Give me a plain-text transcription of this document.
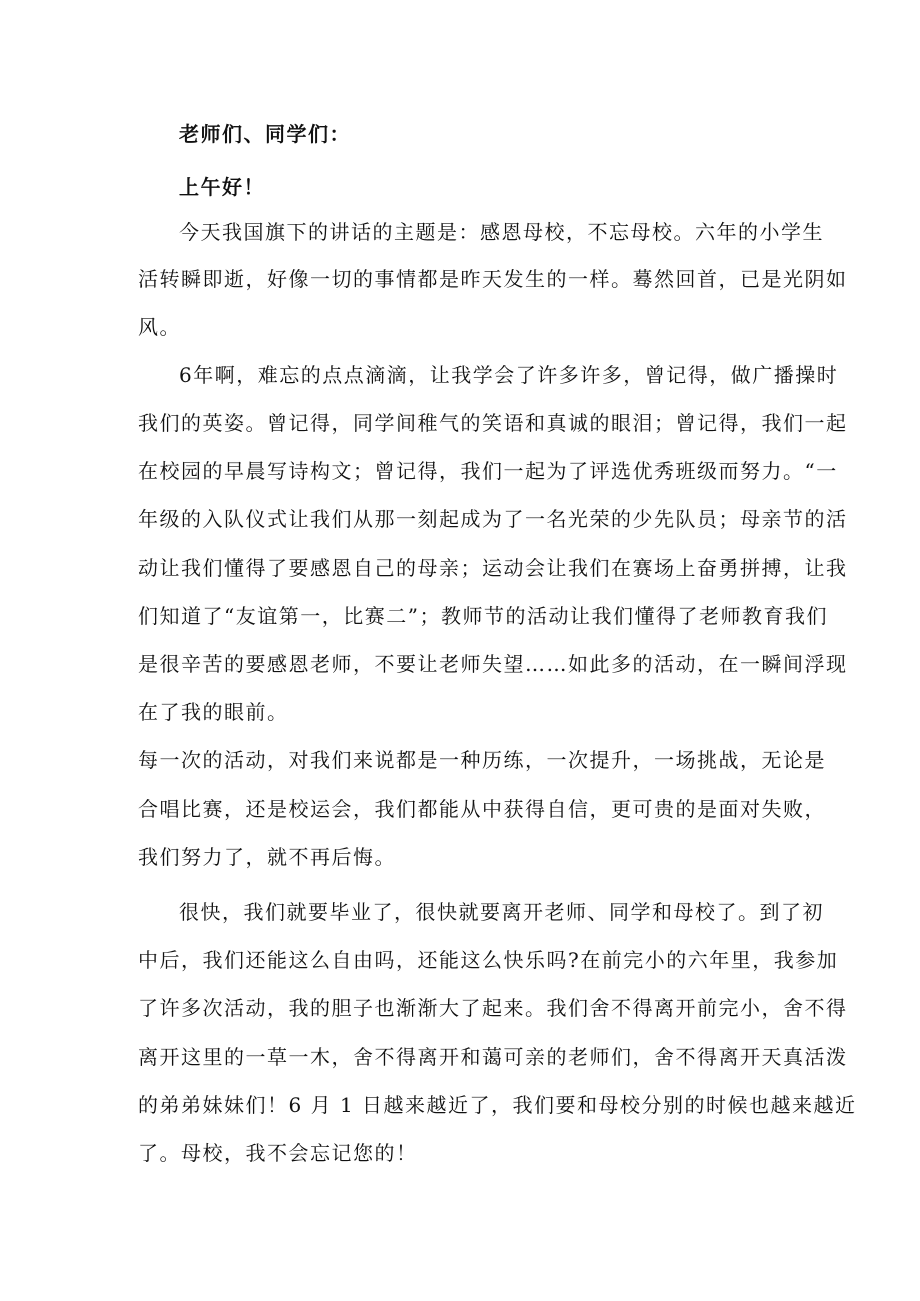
老师们、同学们：

上午好！

今天我国旗下的讲话的主题是：感恩母校，不忘母校。六年的小学生

活转瞬即逝，好像一切的事情都是昨天发生的一样。蓦然回首，已是光阴如

风。

6年啊，难忘的点点滴滴，让我学会了许多许多，曾记得，做广播操时

我们的英姿。曾记得，同学间稚气的笑语和真诚的眼泪；曾记得，我们一起

在校园的早晨写诗构文；曾记得，我们一起为了评选优秀班级而努力。“一

年级的入队仪式让我们从那一刻起成为了一名光荣的少先队员；母亲节的活

动让我们懂得了要感恩自己的母亲；运动会让我们在赛场上奋勇拼搏，让我

们知道了“友谊第一，比赛二”；教师节的活动让我们懂得了老师教育我们

是很辛苦的要感恩老师，不要让老师失望……如此多的活动，在一瞬间浮现

在了我的眼前。

每一次的活动，对我们来说都是一种历练，一次提升，一场挑战，无论是

合唱比赛，还是校运会，我们都能从中获得自信，更可贵的是面对失败，

我们努力了，就不再后悔。

很快，我们就要毕业了，很快就要离开老师、同学和母校了。到了初

中后，我们还能这么自由吗，还能这么快乐吗?在前完小的六年里，我参加

了许多次活动，我的胆子也渐渐大了起来。我们舍不得离开前完小，舍不得

离开这里的一草一木，舍不得离开和蔼可亲的老师们，舍不得离开天真活泼

的弟弟妹妹们！6 月 1 日越来越近了，我们要和母校分别的时候也越来越近

了。母校，我不会忘记您的！
